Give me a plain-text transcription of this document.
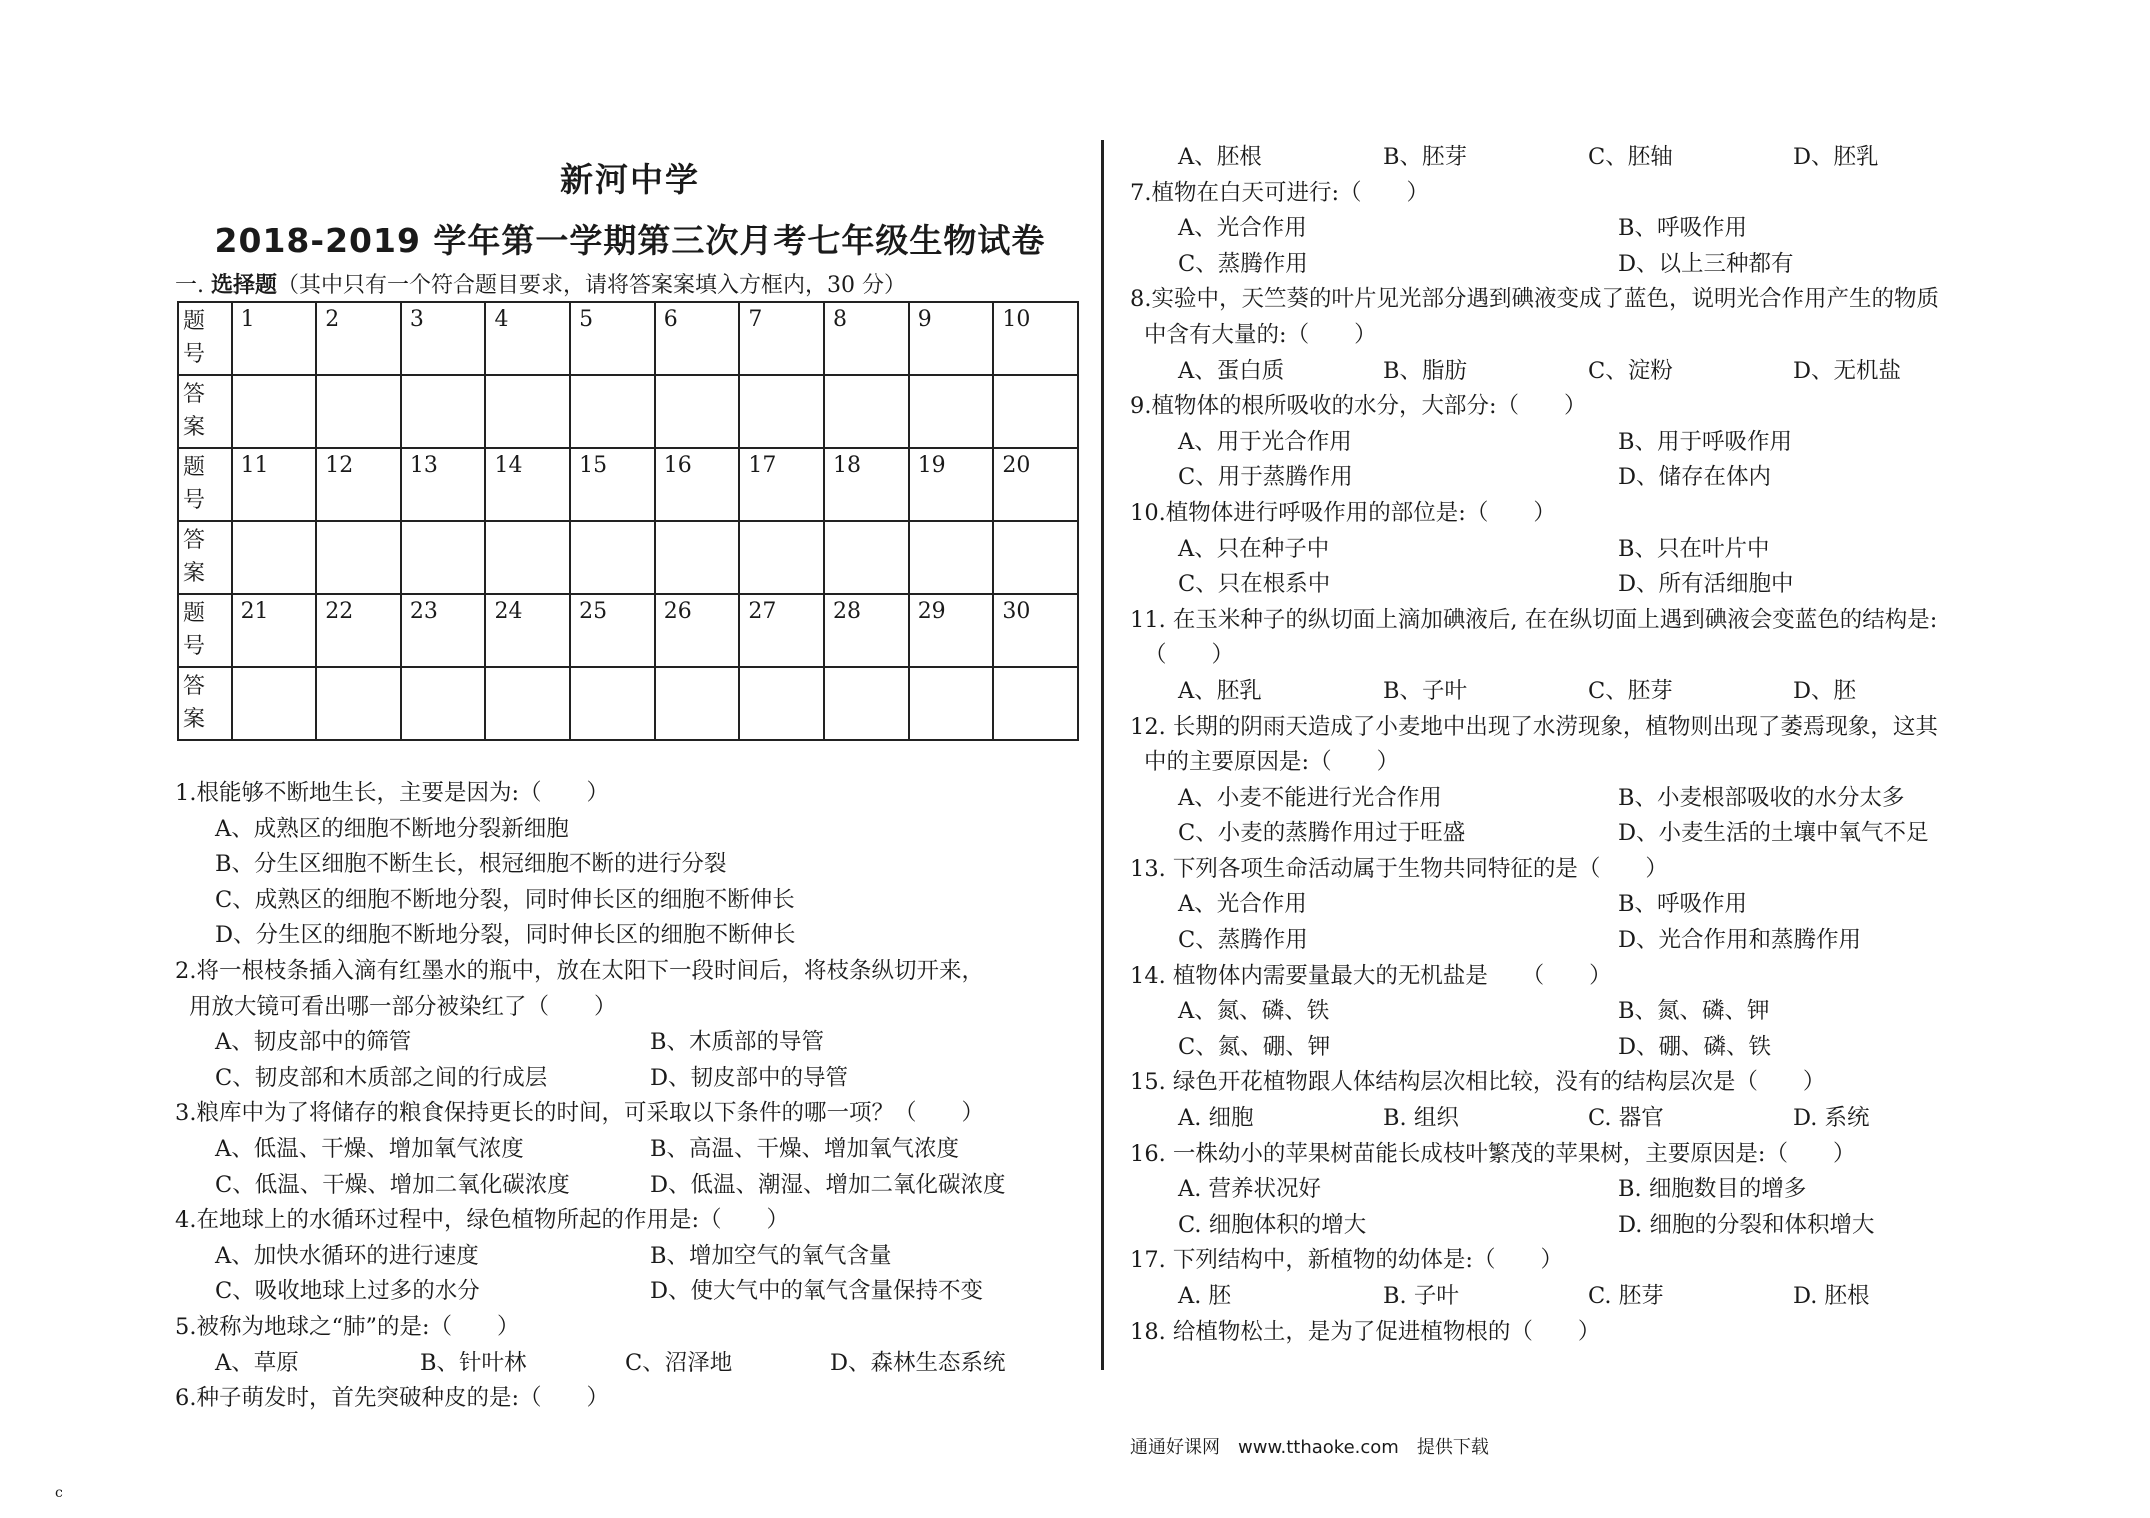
新河中学
2018-2019 学年第一学期第三次月考七年级生物试卷
一. 选择题（其中只有一个符合题目要求，请将答案案填入方框内，30 分）
题号	1	2	3	4	5	6	7	8	9	10
答案										
题号	11	12	13	14	15	16	17	18	19	20
答案										
题号	21	22	23	24	25	26	27	28	29	30
答案										
1.根能够不断地生长，主要是因为:（　　）
A、成熟区的细胞不断地分裂新细胞
B、分生区细胞不断生长，根冠细胞不断的进行分裂
C、成熟区的细胞不断地分裂，同时伸长区的细胞不断伸长
D、分生区的细胞不断地分裂，同时伸长区的细胞不断伸长
2.将一根枝条插入滴有红墨水的瓶中，放在太阳下一段时间后，将枝条纵切开来，
用放大镜可看出哪一部分被染红了（　　）
A、韧皮部中的筛管	B、木质部的导管
C、韧皮部和木质部之间的行成层	D、韧皮部中的导管
3.粮库中为了将储存的粮食保持更长的时间，可采取以下条件的哪一项？（　　）
A、低温、干燥、增加氧气浓度	B、高温、干燥、增加氧气浓度
C、低温、干燥、增加二氧化碳浓度	D、低温、潮湿、增加二氧化碳浓度
4.在地球上的水循环过程中，绿色植物所起的作用是:（　　）
A、加快水循环的进行速度	B、增加空气的氧气含量
C、吸收地球上过多的水分	D、使大气中的氧气含量保持不变
5.被称为地球之“肺”的是:（　　）
A、草原	B、针叶林	C、沼泽地	D、森林生态系统
6.种子萌发时，首先突破种皮的是:（　　）
A、胚根	B、胚芽	C、胚轴	D、胚乳
7.植物在白天可进行:（　　）
A、光合作用	B、呼吸作用
C、蒸腾作用	D、以上三种都有
8.实验中，天竺葵的叶片见光部分遇到碘液变成了蓝色，说明光合作用产生的物质
中含有大量的:（　　）
A、蛋白质	B、脂肪	C、淀粉	D、无机盐
9.植物体的根所吸收的水分，大部分:（　　）
A、用于光合作用	B、用于呼吸作用
C、用于蒸腾作用	D、储存在体内
10.植物体进行呼吸作用的部位是:（　　）
A、只在种子中	B、只在叶片中
C、只在根系中	D、所有活细胞中
11. 在玉米种子的纵切面上滴加碘液后, 在在纵切面上遇到碘液会变蓝色的结构是:
（　　）
A、胚乳	B、子叶	C、胚芽	D、胚
12. 长期的阴雨天造成了小麦地中出现了水涝现象，植物则出现了萎焉现象，这其
中的主要原因是:（　　）
A、小麦不能进行光合作用	B、小麦根部吸收的水分太多
C、小麦的蒸腾作用过于旺盛	D、小麦生活的土壤中氧气不足
13. 下列各项生命活动属于生物共同特征的是（　　）
A、光合作用	B、呼吸作用
C、蒸腾作用	D、光合作用和蒸腾作用
14. 植物体内需要量最大的无机盐是　　（　　）
A、氮、磷、铁	B、氮、磷、钾
C、氮、硼、钾	D、硼、磷、铁
15. 绿色开花植物跟人体结构层次相比较，没有的结构层次是（　　）
A. 细胞	B. 组织	C. 器官	D. 系统
16. 一株幼小的苹果树苗能长成枝叶繁茂的苹果树，主要原因是:（　　）
A. 营养状况好	B. 细胞数目的增多
C. 细胞体积的增大	D. 细胞的分裂和体积增大
17. 下列结构中，新植物的幼体是:（　　）
A. 胚	B. 子叶	C. 胚芽	D. 胚根
18. 给植物松土，是为了促进植物根的（　　）
通通好课网　www.tthaoke.com　提供下载
c
